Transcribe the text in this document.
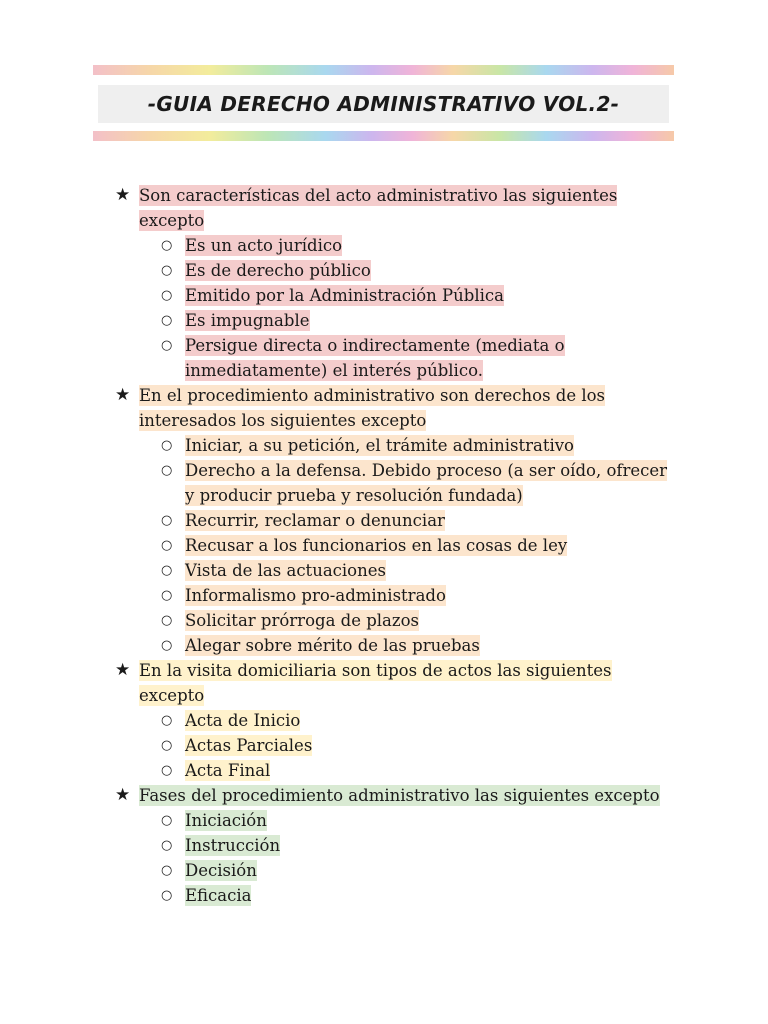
-GUIA DERECHO ADMINISTRATIVO VOL.2-
★ Son características del acto administrativo las siguientes excepto
○ Es un acto jurídico
○ Es de derecho público
○ Emitido por la Administración Pública
○ Es impugnable
○ Persigue directa o indirectamente (mediata o inmediatamente) el interés público.
★ En el procedimiento administrativo son derechos de los interesados los siguientes excepto
○ Iniciar, a su petición, el trámite administrativo
○ Derecho a la defensa. Debido proceso (a ser oído, ofrecer y producir prueba y resolución fundada)
○ Recurrir, reclamar o denunciar
○ Recusar a los funcionarios en las cosas de ley
○ Vista de las actuaciones
○ Informalismo pro-administrado
○ Solicitar prórroga de plazos
○ Alegar sobre mérito de las pruebas
★ En la visita domiciliaria son tipos de actos las siguientes excepto
○ Acta de Inicio
○ Actas Parciales
○ Acta Final
★ Fases del procedimiento administrativo las siguientes excepto
○ Iniciación
○ Instrucción
○ Decisión
○ Eficacia
